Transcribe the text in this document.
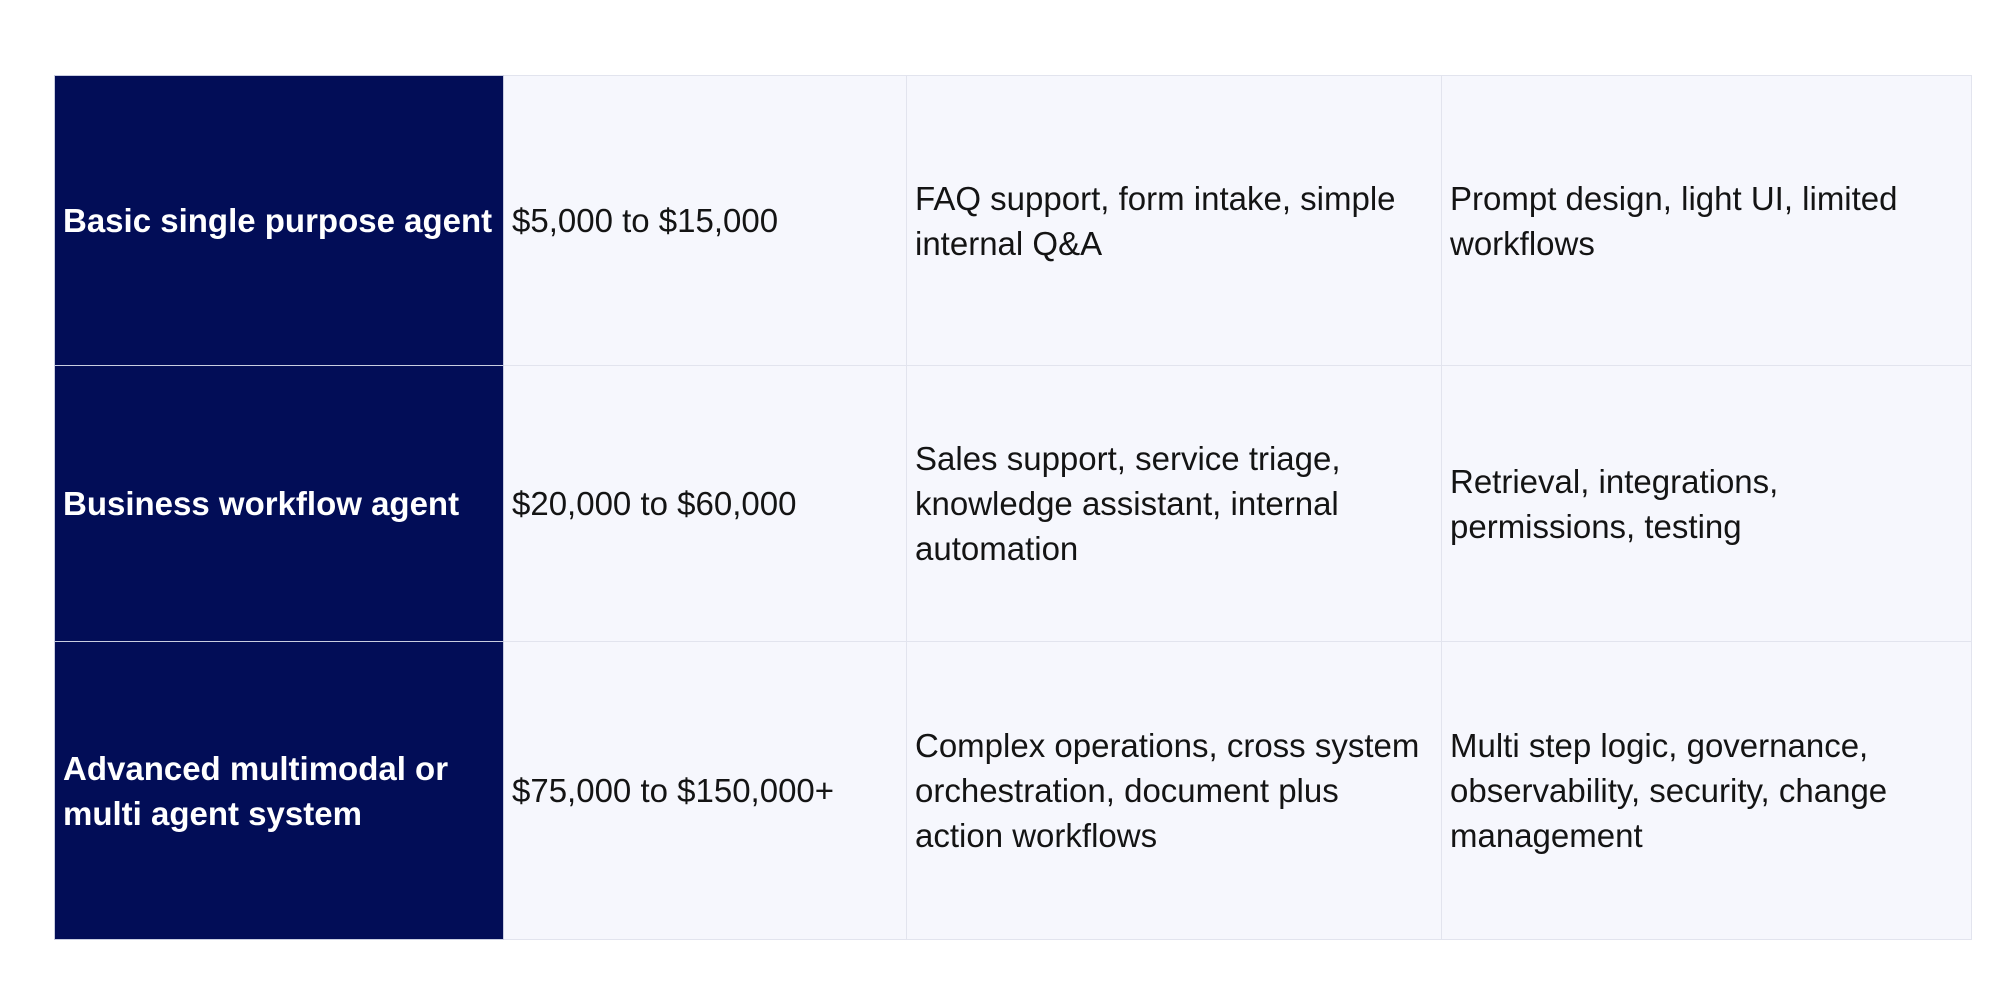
Basic single purpose agent	$5,000 to $15,000	FAQ support, form intake, simple internal Q&A	Prompt design, light UI, limited workflows
Business workflow agent	$20,000 to $60,000	Sales support, service triage, knowledge assistant, internal automation	Retrieval, integrations, permissions, testing
Advanced multimodal or multi agent system	$75,000 to $150,000+	Complex operations, cross system orchestration, document plus action workflows	Multi step logic, governance, observability, security, change management
